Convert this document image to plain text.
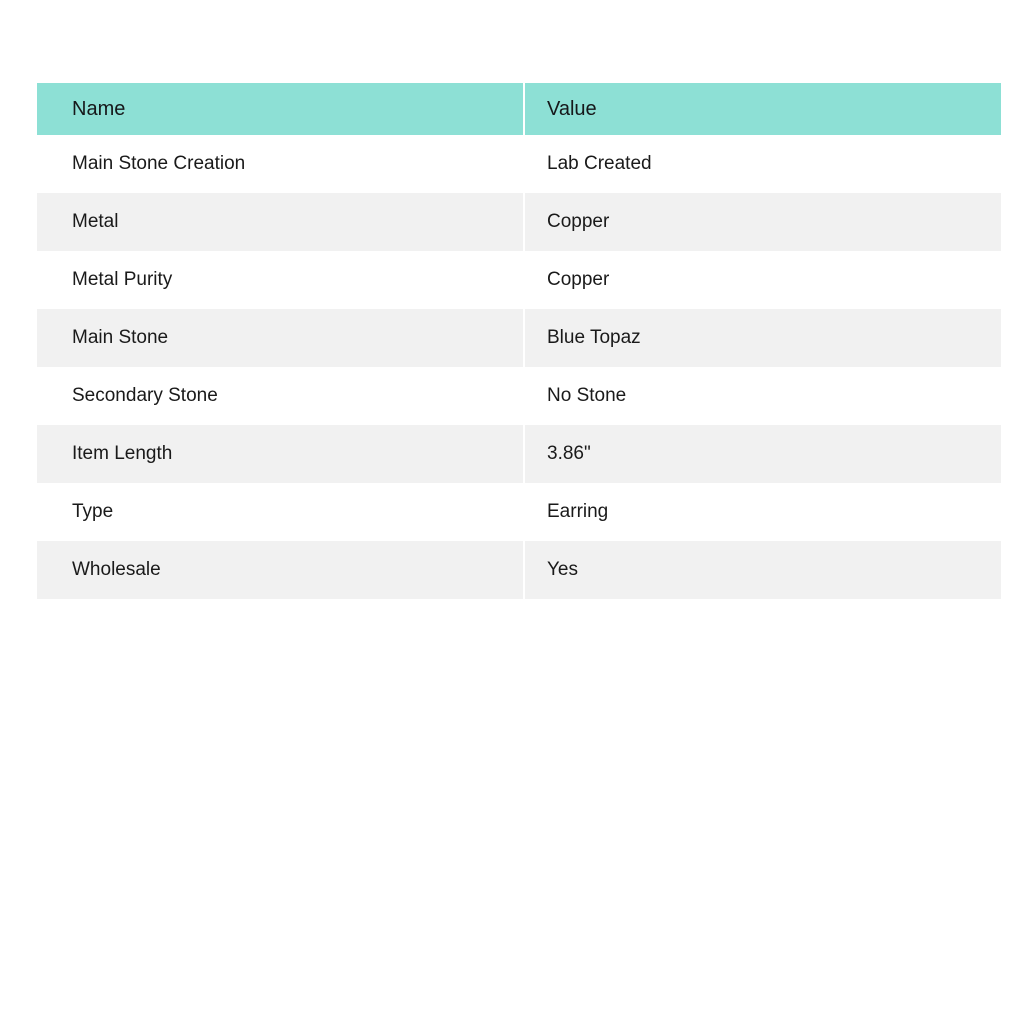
Name	Value
Main Stone Creation	Lab Created
Metal	Copper
Metal Purity	Copper
Main Stone	Blue Topaz
Secondary Stone	No Stone
Item Length	3.86"
Type	Earring
Wholesale	Yes
